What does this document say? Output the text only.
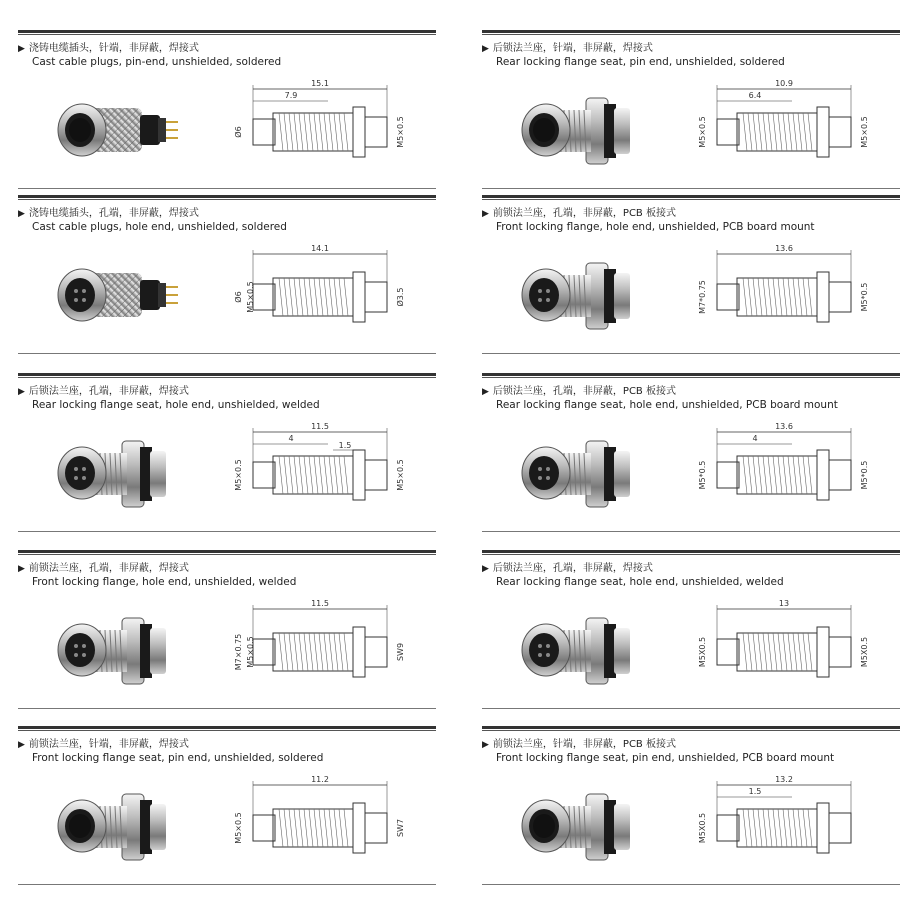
▶ 浇铸电缆插头，针端，非屏蔽，焊接式
Cast cable plugs, pin-end, unshielded, soldered
15.1
7.9
Ø6	M5×0.5
▶ 后锁法兰座，针端，非屏蔽，焊接式
Rear locking flange seat, pin end, unshielded, soldered
10.9
6.4
M5×0.5	M5×0.5
▶ 浇铸电缆插头，孔端，非屏蔽，焊接式
Cast cable plugs, hole end, unshielded, soldered
14.1
Ø6 M5×0.5	Ø3.5
▶ 前锁法兰座，孔端，非屏蔽，PCB 板接式
Front locking flange, hole end, unshielded, PCB board mount
13.6
M7*0.75	M5*0.5
▶ 后锁法兰座，孔端，非屏蔽，焊接式
Rear locking flange seat, hole end, unshielded, welded
11.5
4
1.5
M5×0.5	M5×0.5
▶ 后锁法兰座，孔端，非屏蔽，PCB 板接式
Rear locking flange seat, hole end, unshielded, PCB board mount
13.6
4
M5*0.5	M5*0.5
▶ 前锁法兰座，孔端，非屏蔽，焊接式
Front locking flange, hole end, unshielded, welded
11.5
M7×0.75 M5×0.5	SW9
▶ 后锁法兰座，孔端，非屏蔽，焊接式
Rear locking flange seat, hole end, unshielded, welded
13
M5X0.5	M5X0.5
▶ 前锁法兰座，针端，非屏蔽，焊接式
Front locking flange seat, pin end, unshielded, soldered
11.2
M5×0.5	SW7
▶ 前锁法兰座，针端，非屏蔽，PCB 板接式
Front locking flange seat, pin end, unshielded, PCB board mount
13.2
1.5
M5X0.5
